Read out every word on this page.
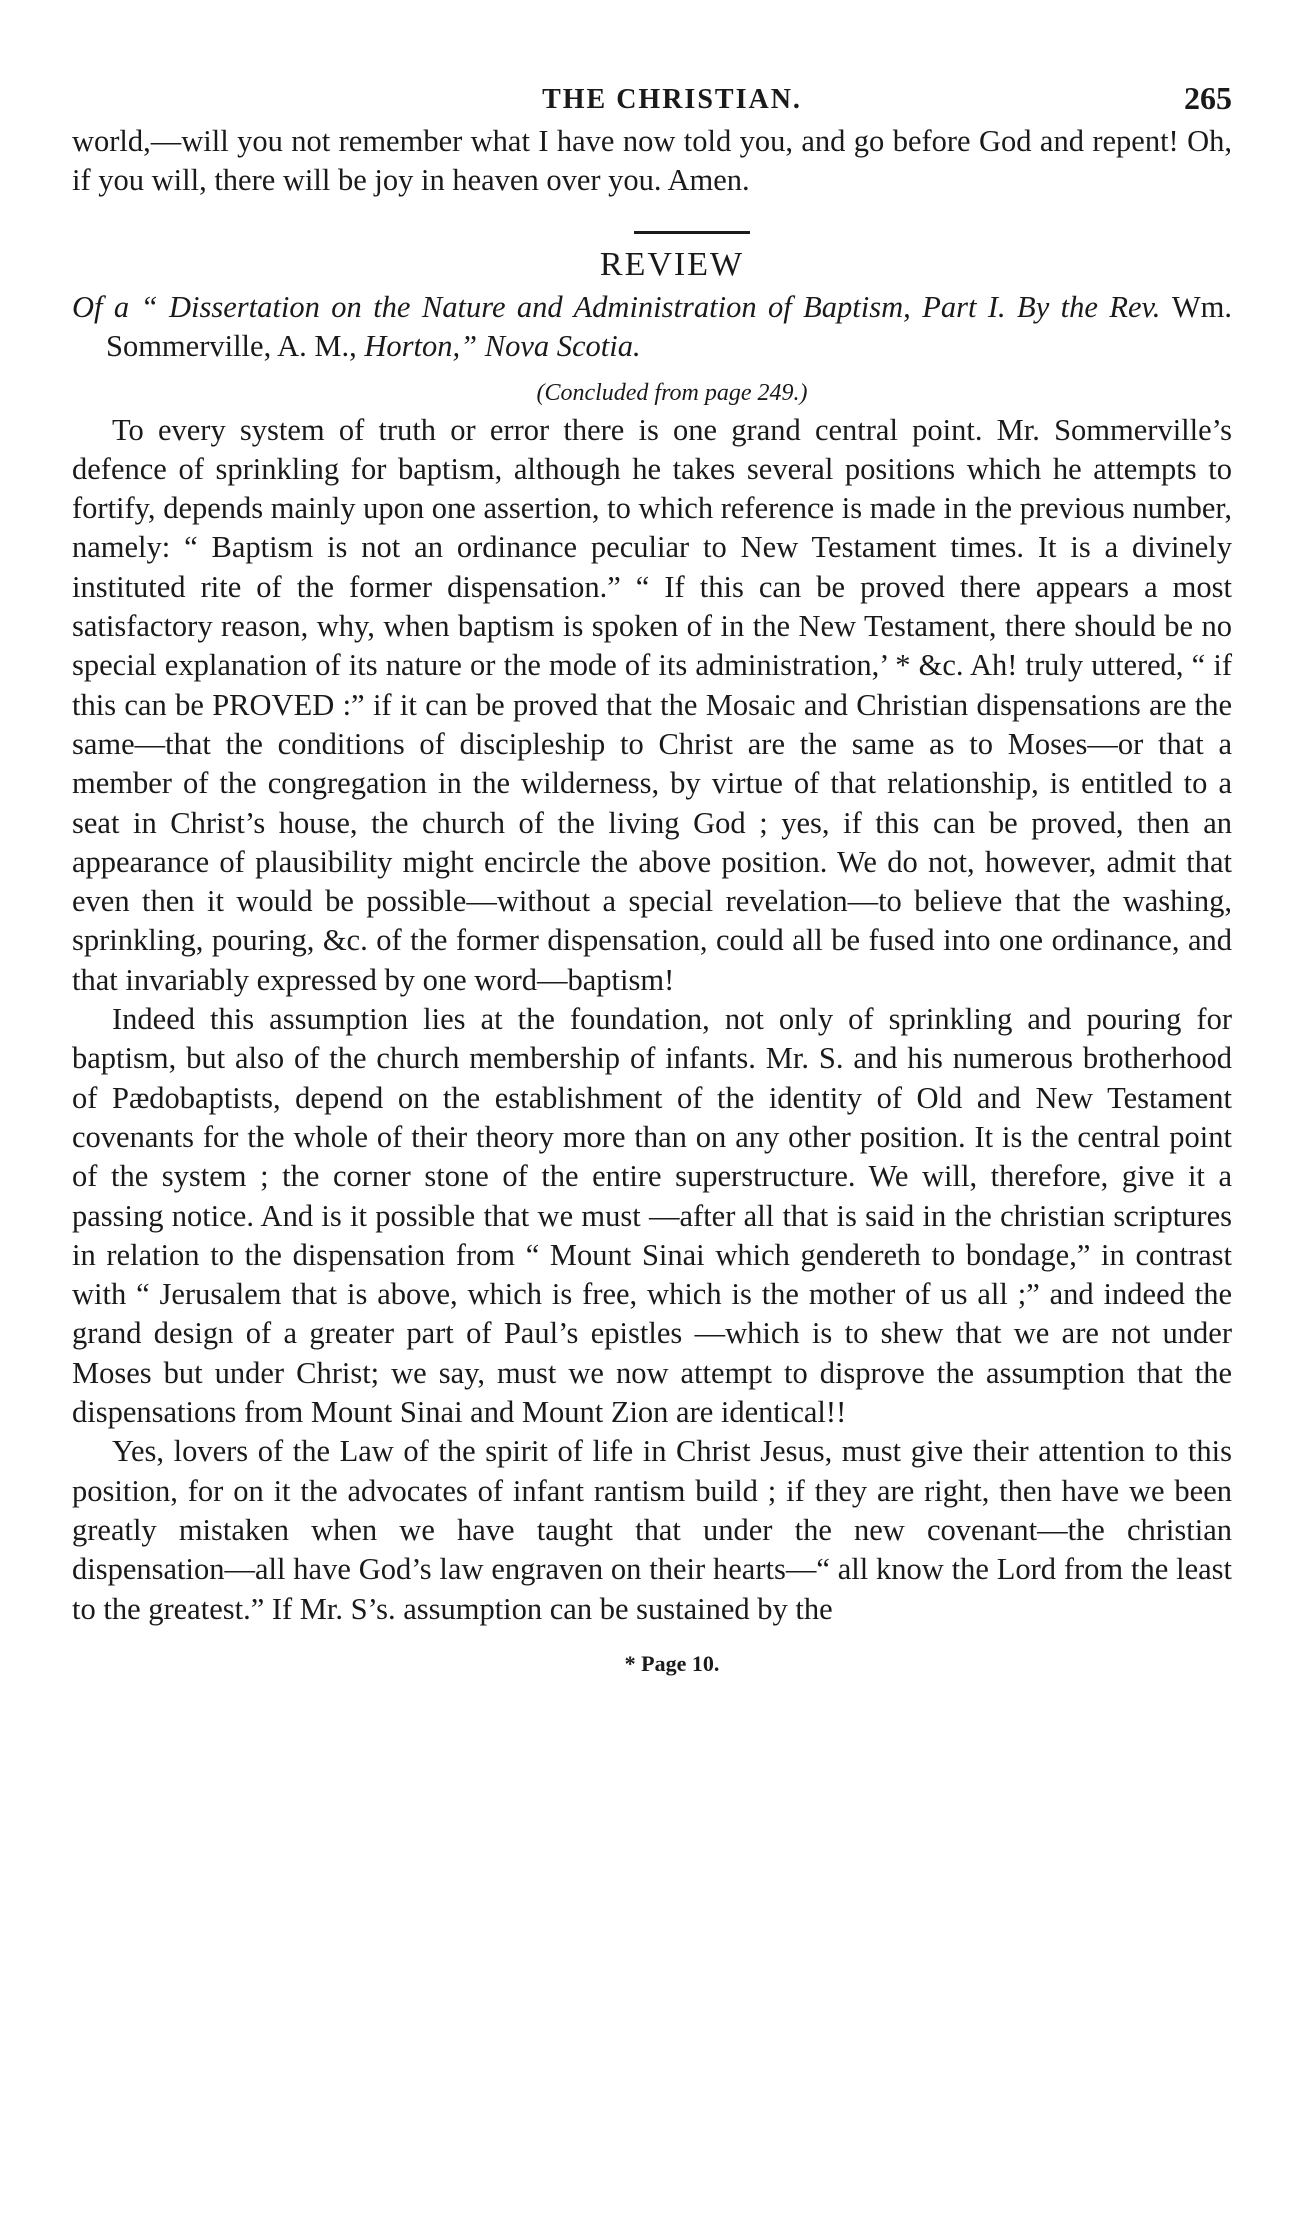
THE CHRISTIAN.	265

world,—will you not remember what I have now told you, and go before God and repent! Oh, if you will, there will be joy in heaven over you. Amen.

REVIEW

Of a “ Dissertation on the Nature and Administration of Baptism, Part I. By the Rev. Wm. Sommerville, A. M., Horton,” Nova Scotia.

(Concluded from page 249.)

To every system of truth or error there is one grand central point. Mr. Sommerville’s defence of sprinkling for baptism, although he takes several positions which he attempts to fortify, depends mainly upon one assertion, to which reference is made in the previous number, namely: “ Baptism is not an ordinance peculiar to New Testament times. It is a divinely instituted rite of the former dispensation.” “ If this can be proved there appears a most satisfactory reason, why, when baptism is spoken of in the New Testament, there should be no special explanation of its nature or the mode of its administration,’ * &c. Ah! truly uttered, “ if this can be PROVED :” if it can be proved that the Mosaic and Christian dispensations are the same—that the conditions of discipleship to Christ are the same as to Moses—or that a member of the congregation in the wilderness, by virtue of that relationship, is entitled to a seat in Christ’s house, the church of the living God ; yes, if this can be proved, then an appearance of plausibility might encircle the above position. We do not, however, admit that even then it would be possible—without a special revelation—to believe that the washing, sprinkling, pouring, &c. of the former dispensation, could all be fused into one ordinance, and that invariably expressed by one word—baptism!

Indeed this assumption lies at the foundation, not only of sprinkling and pouring for baptism, but also of the church membership of infants. Mr. S. and his numerous brotherhood of Pædobaptists, depend on the establishment of the identity of Old and New Testament covenants for the whole of their theory more than on any other position. It is the central point of the system ; the corner stone of the entire superstructure. We will, therefore, give it a passing notice. And is it possible that we must —after all that is said in the christian scriptures in relation to the dispensation from “ Mount Sinai which gendereth to bondage,” in contrast with “ Jerusalem that is above, which is free, which is the mother of us all ;” and indeed the grand design of a greater part of Paul’s epistles —which is to shew that we are not under Moses but under Christ; we say, must we now attempt to disprove the assumption that the dispensations from Mount Sinai and Mount Zion are identical!!

Yes, lovers of the Law of the spirit of life in Christ Jesus, must give their attention to this position, for on it the advocates of infant rantism build ; if they are right, then have we been greatly mistaken when we have taught that under the new covenant—the christian dispensation—all have God’s law engraven on their hearts—“ all know the Lord from the least to the greatest.” If Mr. S’s. assumption can be sustained by the

* Page 10.
